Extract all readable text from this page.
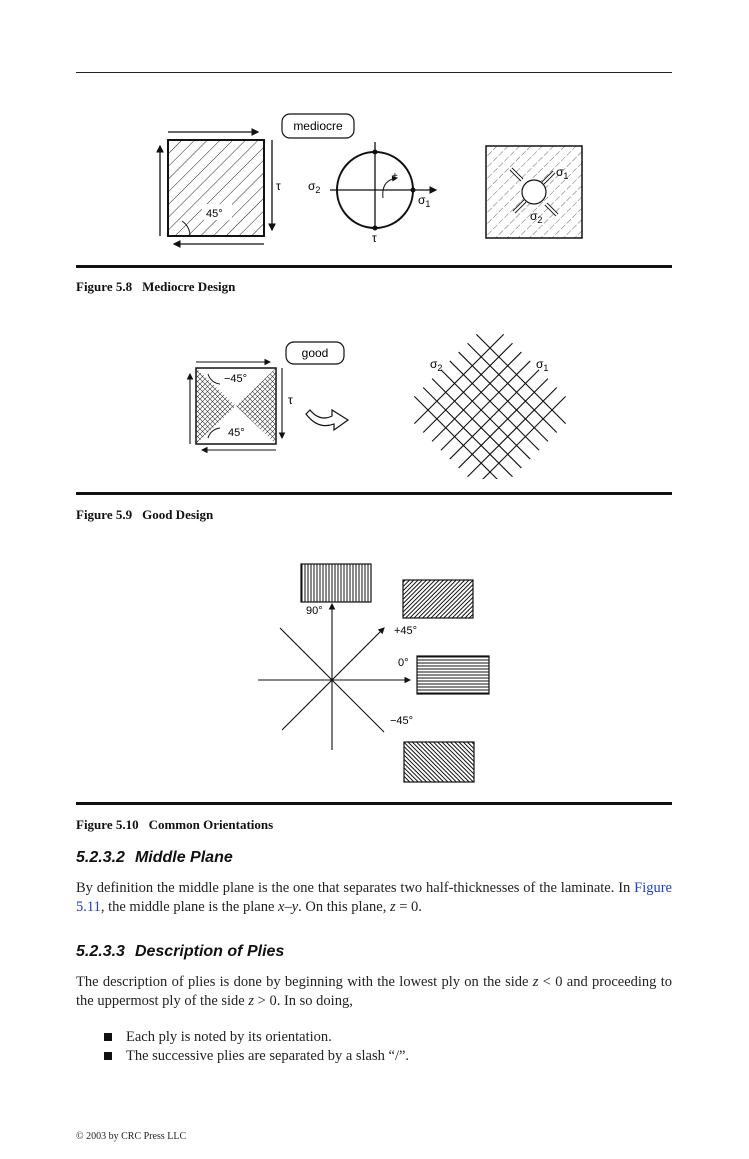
45°
τ
mediocre
+
$\sigma_2$
$\sigma_1$
τ
$\sigma_1$
$\sigma_2$
Figure 5.8 Mediocre Design
−45°
45°
τ
good
$\sigma_2$	$\sigma_1$
Figure 5.9 Good Design
90°
+45°
0°
−45°
Figure 5.10 Common Orientations
5.2.3.2 Middle Plane
By definition the middle plane is the one that separates two half-thicknesses of the laminate. In Figure 5.11, the middle plane is the plane x–y. On this plane, z = 0.
5.2.3.3 Description of Plies
The description of plies is done by beginning with the lowest ply on the side z < 0 and proceeding to the uppermost ply of the side z > 0. In so doing,
Each ply is noted by its orientation.
The successive plies are separated by a slash “/”.
© 2003 by CRC Press LLC
